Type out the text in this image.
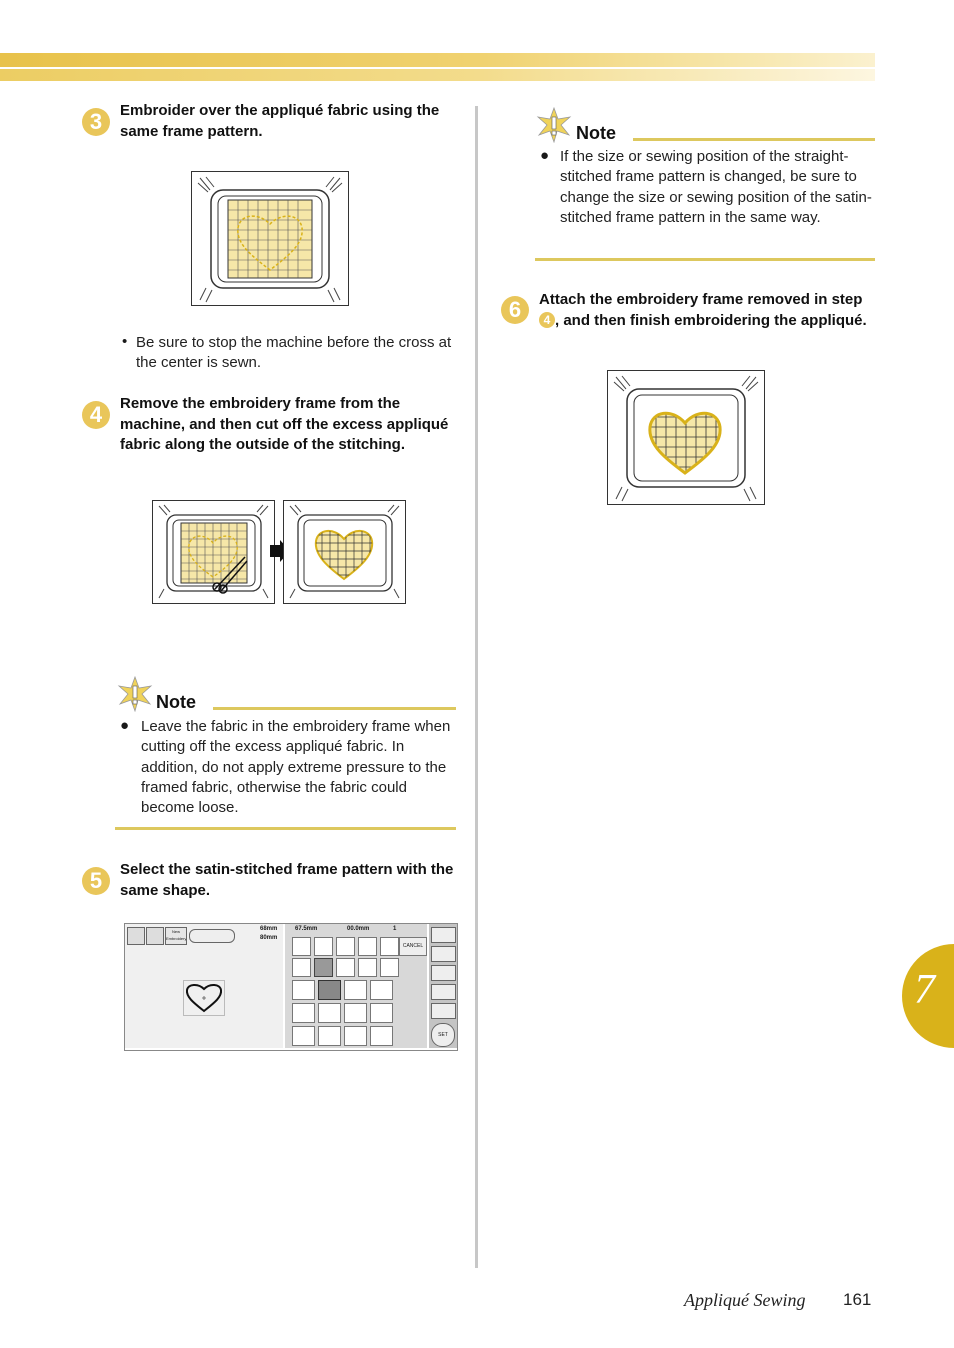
3	Embroider over the appliqué fabric using the same frame pattern.
• Be sure to stop the machine before the cross at the center is sewn.
4	Remove the embroidery frame from the machine, and then cut off the excess appliqué fabric along the outside of the stitching.
Note
● Leave the fabric in the embroidery frame when cutting off the excess appliqué fabric. In addition, do not apply extreme pressure to the framed fabric, otherwise the fabric could become loose.
5	Select the satin-stitched frame pattern with the same shape.
New Embroidery
68mm
80mm
67.5mm	00.0mm	1
CANCEL
SET
Note
● If the size or sewing position of the straight-stitched frame pattern is changed, be sure to change the size or sewing position of the satin-stitched frame pattern in the same way.
6	Attach the embroidery frame removed in step
4 , and then finish embroidering the appliqué.
7
Appliqué Sewing 161
